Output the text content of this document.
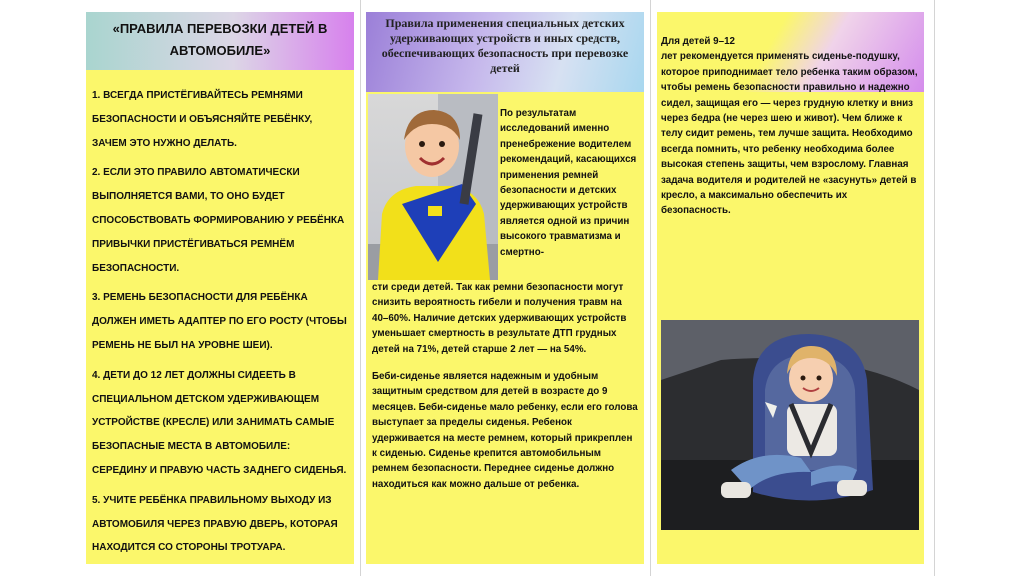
«ПРАВИЛА ПЕРЕВОЗКИ ДЕТЕЙ В АВТОМОБИЛЕ»
1. ВСЕГДА ПРИСТЁГИВАЙТЕСЬ РЕМНЯМИ БЕЗОПАСНОСТИ И ОБЪЯСНЯЙТЕ РЕБЁНКУ, ЗАЧЕМ ЭТО НУЖНО ДЕЛАТЬ.
2. ЕСЛИ ЭТО ПРАВИЛО АВТОМАТИЧЕСКИ ВЫПОЛНЯЕТСЯ ВАМИ, ТО ОНО БУДЕТ СПОСОБСТВОВАТЬ ФОРМИРОВАНИЮ У РЕБЁНКА ПРИВЫЧКИ ПРИСТЁГИВАТЬСЯ РЕМНЁМ БЕЗОПАСНОСТИ.
3. РЕМЕНЬ БЕЗОПАСНОСТИ ДЛЯ РЕБЁНКА ДОЛЖЕН ИМЕТЬ АДАПТЕР ПО ЕГО РОСТУ (ЧТОБЫ РЕМЕНЬ НЕ БЫЛ НА УРОВНЕ ШЕИ).
4. ДЕТИ ДО 12 ЛЕТ ДОЛЖНЫ СИДЕЕТЬ В СПЕЦИАЛЬНОМ ДЕТСКОМ УДЕРЖИВАЮЩЕМ УСТРОЙСТВЕ (КРЕСЛЕ) ИЛИ ЗАНИМАТЬ САМЫЕ БЕЗОПАСНЫЕ МЕСТА В АВТОМОБИЛЕ: СЕРЕДИНУ И ПРАВУЮ ЧАСТЬ ЗАДНЕГО СИДЕНЬЯ.
5. УЧИТЕ РЕБЁНКА ПРАВИЛЬНОМУ ВЫХОДУ ИЗ АВТОМОБИЛЯ ЧЕРЕЗ ПРАВУЮ ДВЕРЬ, КОТОРАЯ НАХОДИТСЯ СО СТОРОНЫ ТРОТУАРА.
Правила применения специальных детских удерживающих устройств и иных средств, обеспечивающих безопасность при перевозке детей
По результатам исследований именно пренебрежение водителем рекомендаций, касающихся применения ремней безопасности и детских удерживающих устройств является одной из причин высокого травматизма и смертно-
сти среди детей. Так как ремни безопасности могут снизить вероятность гибели и получения травм на 40–60%. Наличие детских удерживающих устройств уменьшает смертность в результате ДТП грудных детей на 71%, детей старше 2 лет — на 54%.
Беби-сиденье является надежным и удобным защитным средством для детей в возрасте до 9 месяцев. Беби-сиденье мало ребенку, если его голова выступает за пределы сиденья. Ребенок удерживается на месте ремнем, который прикреплен к сиденью. Сиденье крепится автомобильным ремнем безопасности. Переднее сиденье должно находиться как можно дальше от ребенка.
Для детей 9–12
лет рекомендуется применять сиденье-подушку, которое приподнимает тело ребенка таким образом, чтобы ремень безопасности правильно и надежно сидел, защищая его — через грудную клетку и вниз через бедра (не через шею и живот). Чем ближе к телу сидит ремень, тем лучше защита. Необходимо всегда помнить, что ребенку необходима более высокая степень защиты, чем взрослому. Главная задача водителя и родителей не «засунуть» детей в кресло, а максимально обеспечить их безопасность.
